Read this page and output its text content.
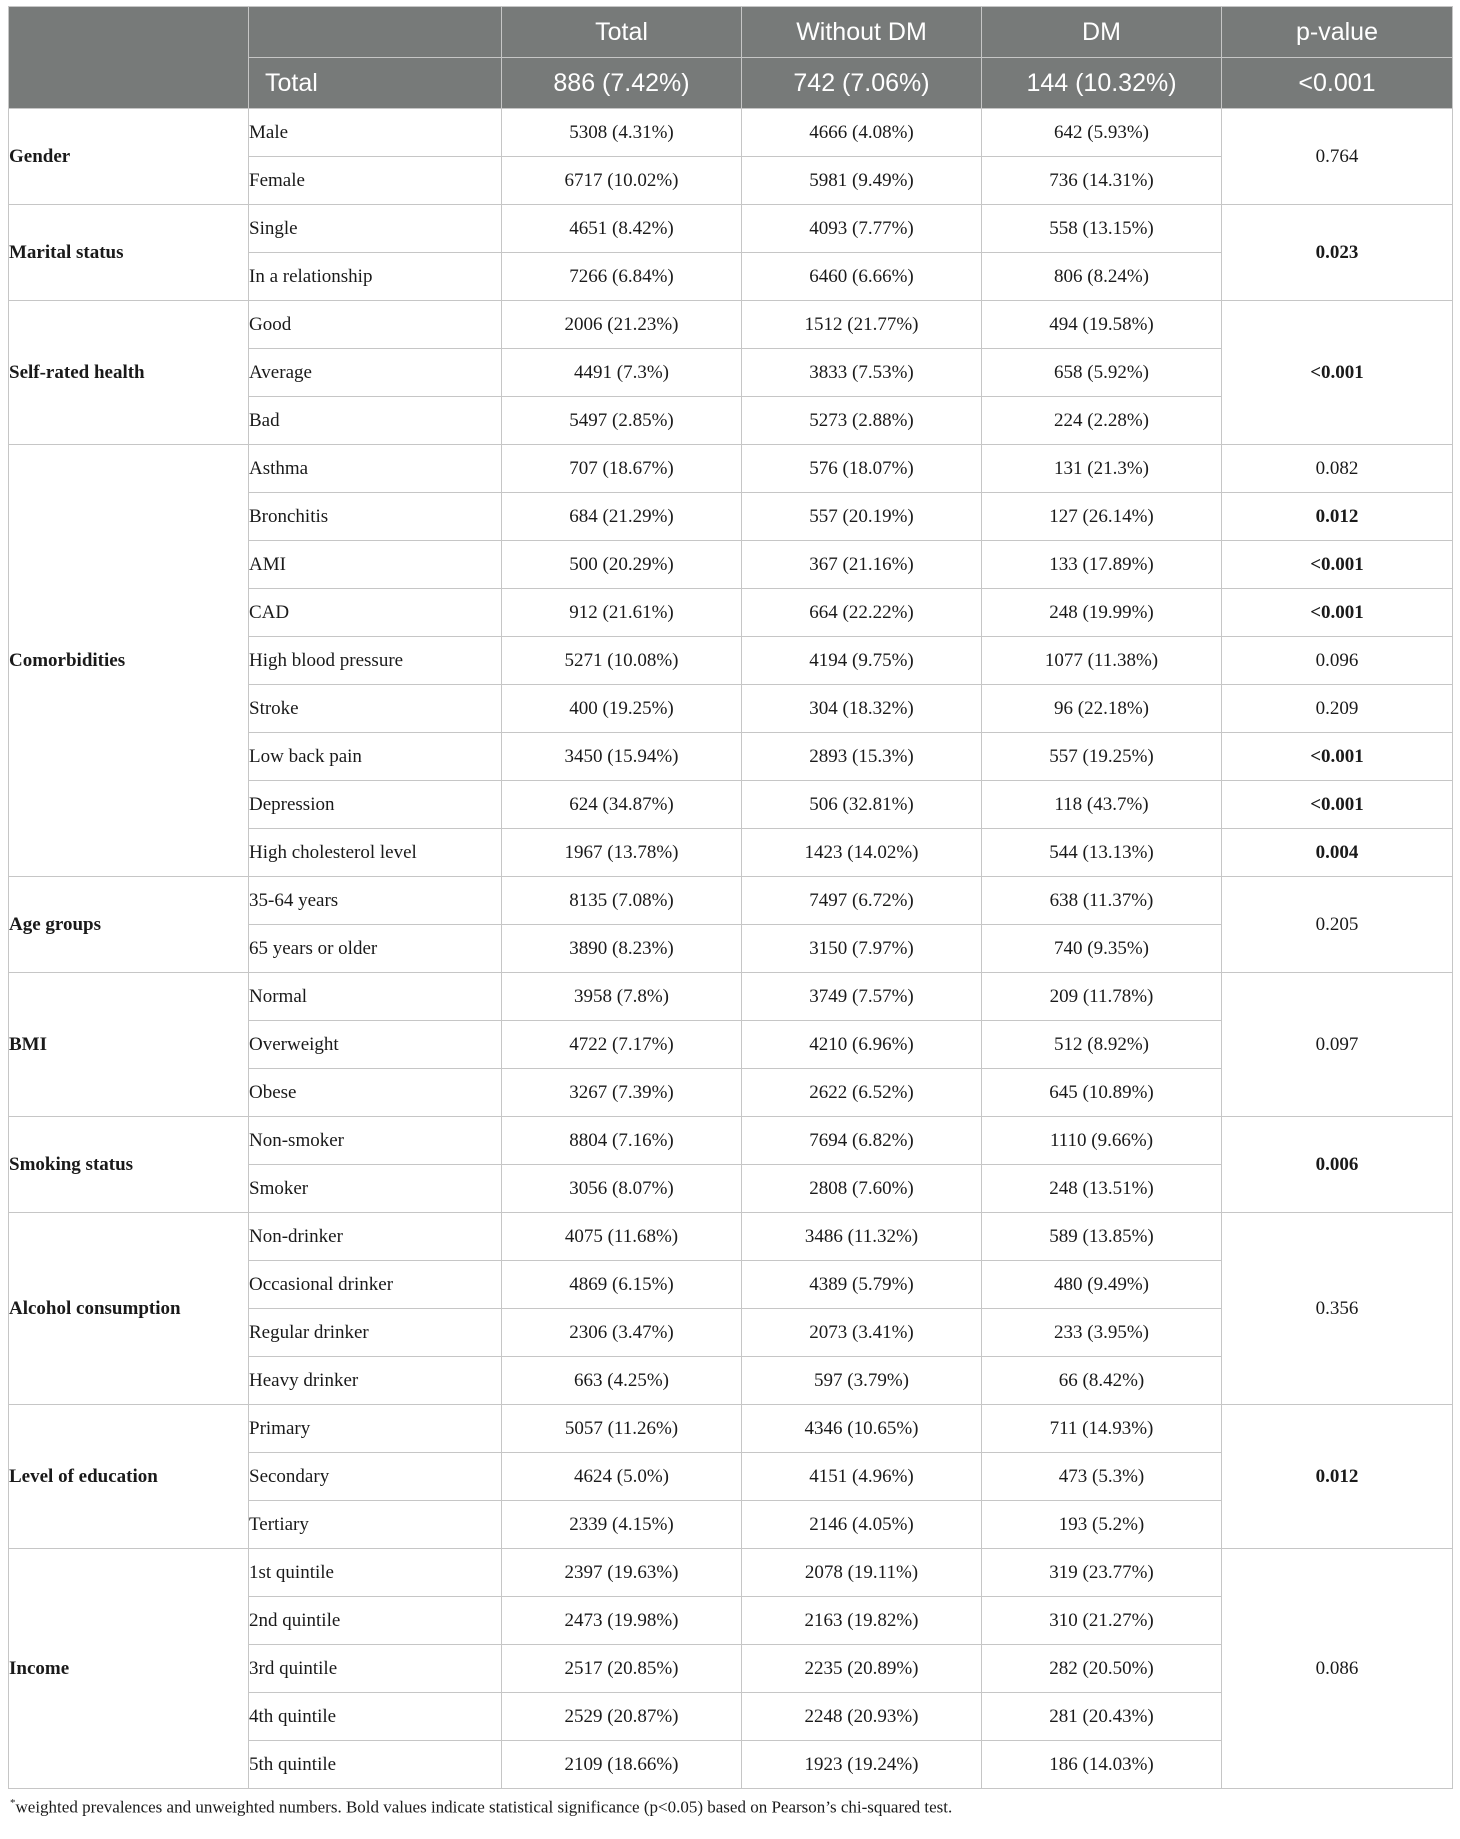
		Total	Without DM	DM	p-value
	Total	886 (7.42%)	742 (7.06%)	144 (10.32%)	<0.001
Gender	Male	5308 (4.31%)	4666 (4.08%)	642 (5.93%)	0.764
	Female	6717 (10.02%)	5981 (9.49%)	736 (14.31%)	
Marital status	Single	4651 (8.42%)	4093 (7.77%)	558 (13.15%)	0.023
	In a relationship	7266 (6.84%)	6460 (6.66%)	806 (8.24%)	
Self-rated health	Good	2006 (21.23%)	1512 (21.77%)	494 (19.58%)	<0.001
	Average	4491 (7.3%)	3833 (7.53%)	658 (5.92%)	
	Bad	5497 (2.85%)	5273 (2.88%)	224 (2.28%)	
Comorbidities	Asthma	707 (18.67%)	576 (18.07%)	131 (21.3%)	0.082
	Bronchitis	684 (21.29%)	557 (20.19%)	127 (26.14%)	0.012
	AMI	500 (20.29%)	367 (21.16%)	133 (17.89%)	<0.001
	CAD	912 (21.61%)	664 (22.22%)	248 (19.99%)	<0.001
	High blood pressure	5271 (10.08%)	4194 (9.75%)	1077 (11.38%)	0.096
	Stroke	400 (19.25%)	304 (18.32%)	96 (22.18%)	0.209
	Low back pain	3450 (15.94%)	2893 (15.3%)	557 (19.25%)	<0.001
	Depression	624 (34.87%)	506 (32.81%)	118 (43.7%)	<0.001
	High cholesterol level	1967 (13.78%)	1423 (14.02%)	544 (13.13%)	0.004
Age groups	35-64 years	8135 (7.08%)	7497 (6.72%)	638 (11.37%)	0.205
	65 years or older	3890 (8.23%)	3150 (7.97%)	740 (9.35%)	
BMI	Normal	3958 (7.8%)	3749 (7.57%)	209 (11.78%)	0.097
	Overweight	4722 (7.17%)	4210 (6.96%)	512 (8.92%)	
	Obese	3267 (7.39%)	2622 (6.52%)	645 (10.89%)	
Smoking status	Non-smoker	8804 (7.16%)	7694 (6.82%)	1110 (9.66%)	0.006
	Smoker	3056 (8.07%)	2808 (7.60%)	248 (13.51%)	
Alcohol consumption	Non-drinker	4075 (11.68%)	3486 (11.32%)	589 (13.85%)	0.356
	Occasional drinker	4869 (6.15%)	4389 (5.79%)	480 (9.49%)	
	Regular drinker	2306 (3.47%)	2073 (3.41%)	233 (3.95%)	
	Heavy drinker	663 (4.25%)	597 (3.79%)	66 (8.42%)	
Level of education	Primary	5057 (11.26%)	4346 (10.65%)	711 (14.93%)	0.012
	Secondary	4624 (5.0%)	4151 (4.96%)	473 (5.3%)	
	Tertiary	2339 (4.15%)	2146 (4.05%)	193 (5.2%)	
Income	1st quintile	2397 (19.63%)	2078 (19.11%)	319 (23.77%)	0.086
	2nd quintile	2473 (19.98%)	2163 (19.82%)	310 (21.27%)	
	3rd quintile	2517 (20.85%)	2235 (20.89%)	282 (20.50%)	
	4th quintile	2529 (20.87%)	2248 (20.93%)	281 (20.43%)	
	5th quintile	2109 (18.66%)	1923 (19.24%)	186 (14.03%)	
*weighted prevalences and unweighted numbers. Bold values indicate statistical significance (p<0.05) based on Pearson’s chi-squared test.
